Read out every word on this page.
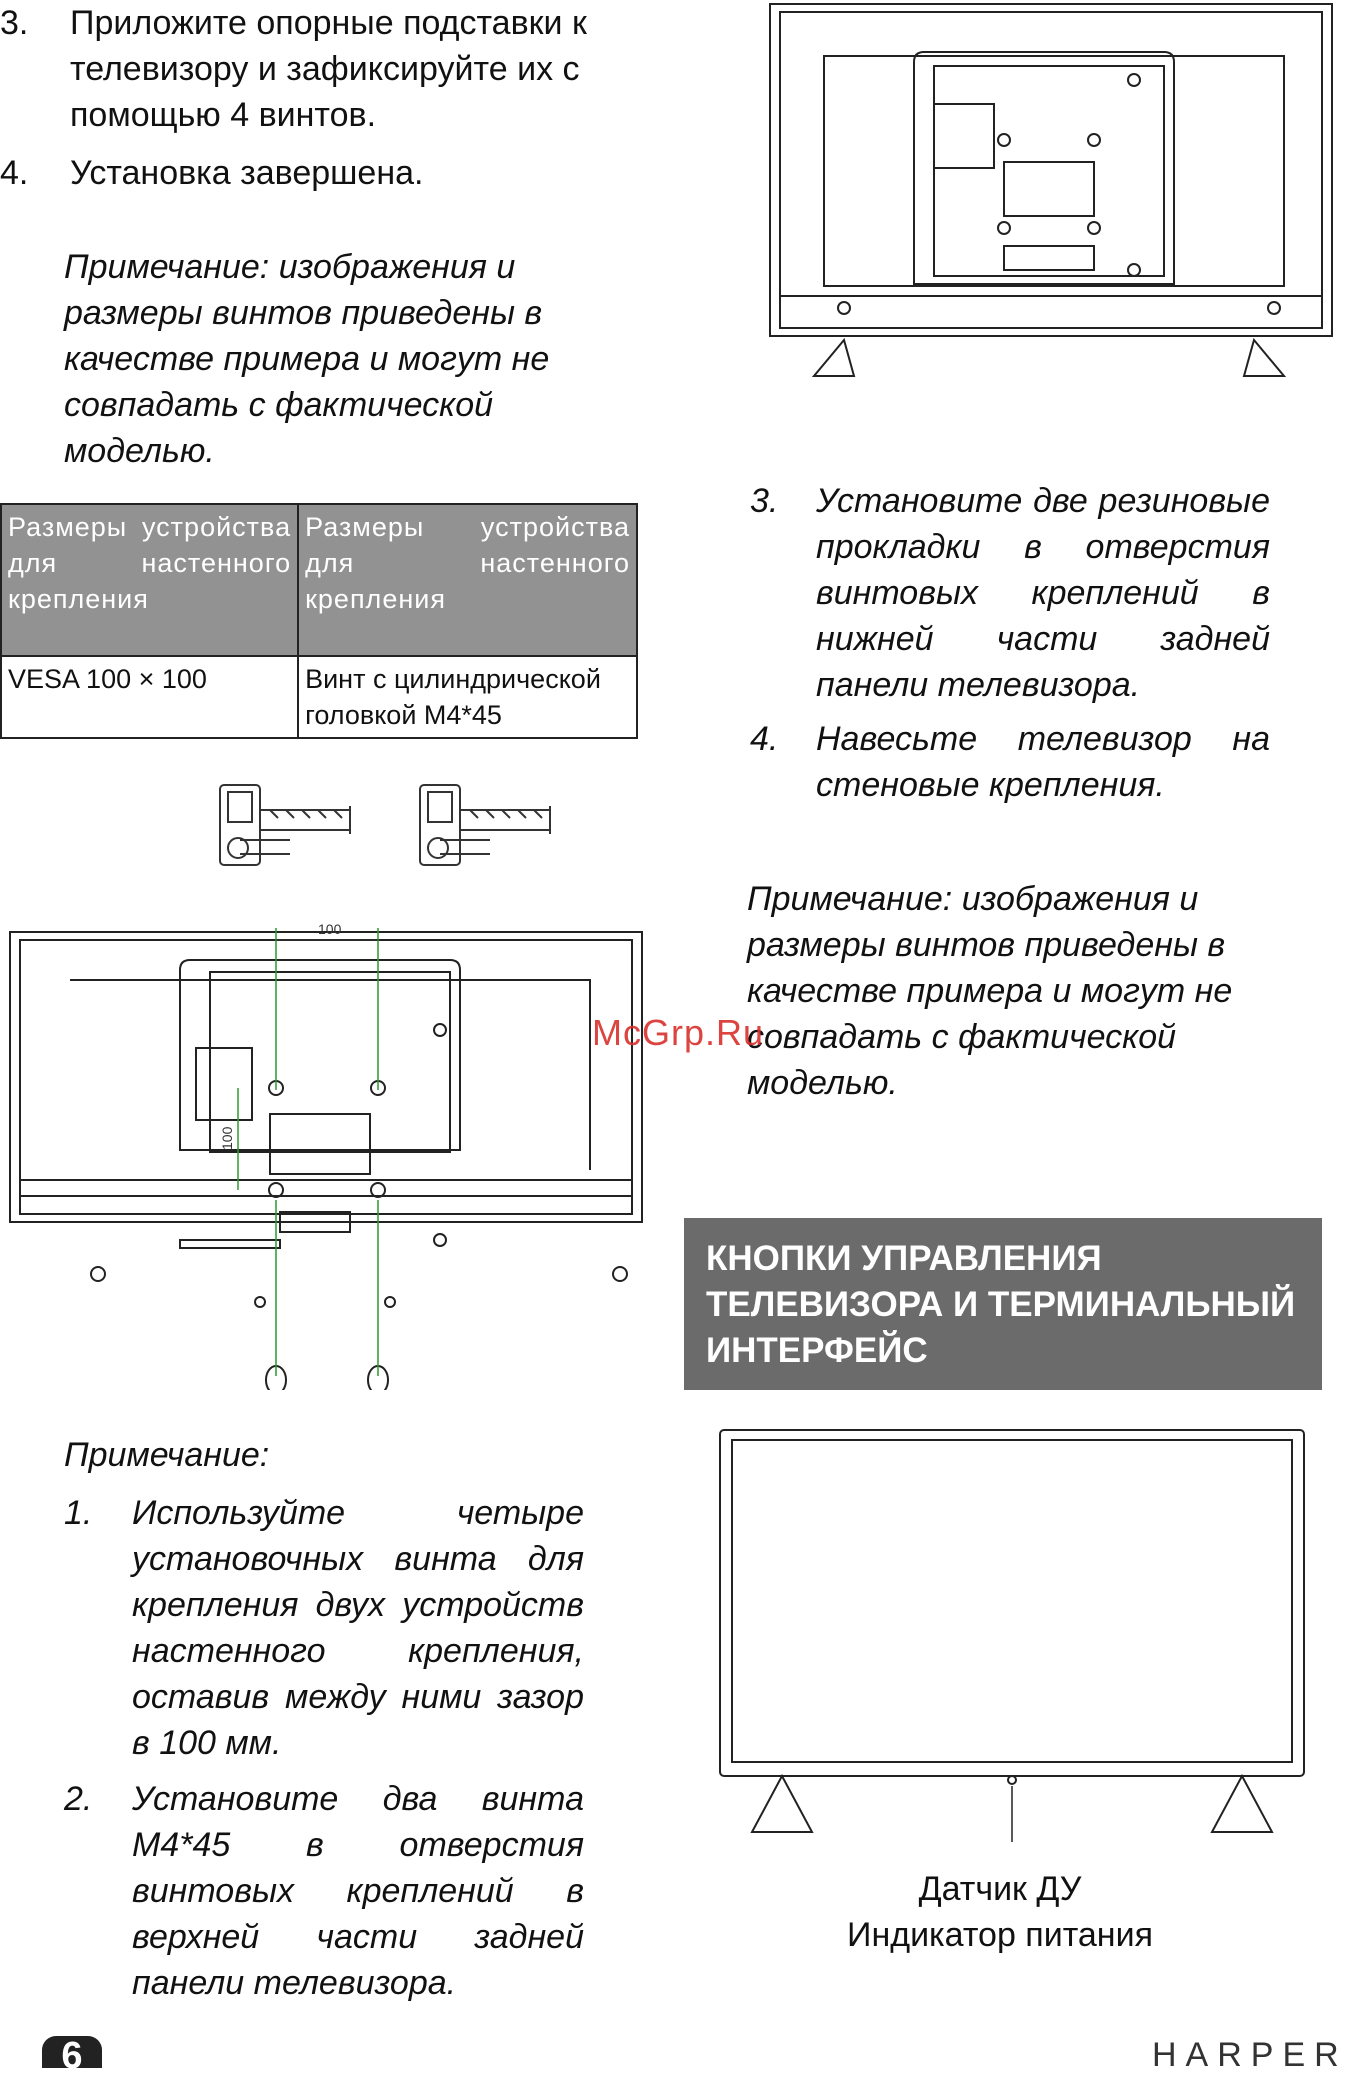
3. Приложите опорные подставки к телевизору и зафиксируйте их с помощью 4 винтов.
4. Установка завершена.
Примечание: изображения и размеры винтов приведены в качестве примера и могут не совпадать с фактической моделью.
Размеры устройства для настенного крепления	Размеры устройства для настенного крепления
VESA 100 × 100	Винт с цилиндрической головкой M4*45
100
100
Примечание:
1. Используйте четыре установочных винта для крепления двух устройств настенного крепления, оставив между ними зазор в 100 мм.
2. Установите два винта M4*45 в отверстия винтовых креплений в верхней части задней панели телевизора.
3. Установите две резиновые прокладки в отверстия винтовых креплений в нижней части задней панели телевизора.
4. Навесьте телевизор на стеновые крепления.
Примечание: изображения и размеры винтов приведены в качестве примера и могут не совпадать с фактической моделью.
McGrp.Ru
КНОПКИ УПРАВЛЕНИЯ ТЕЛЕВИЗОРА И ТЕРМИНАЛЬНЫЙ ИНТЕРФЕЙС
Датчик ДУ
Индикатор питания
6	HARPER
